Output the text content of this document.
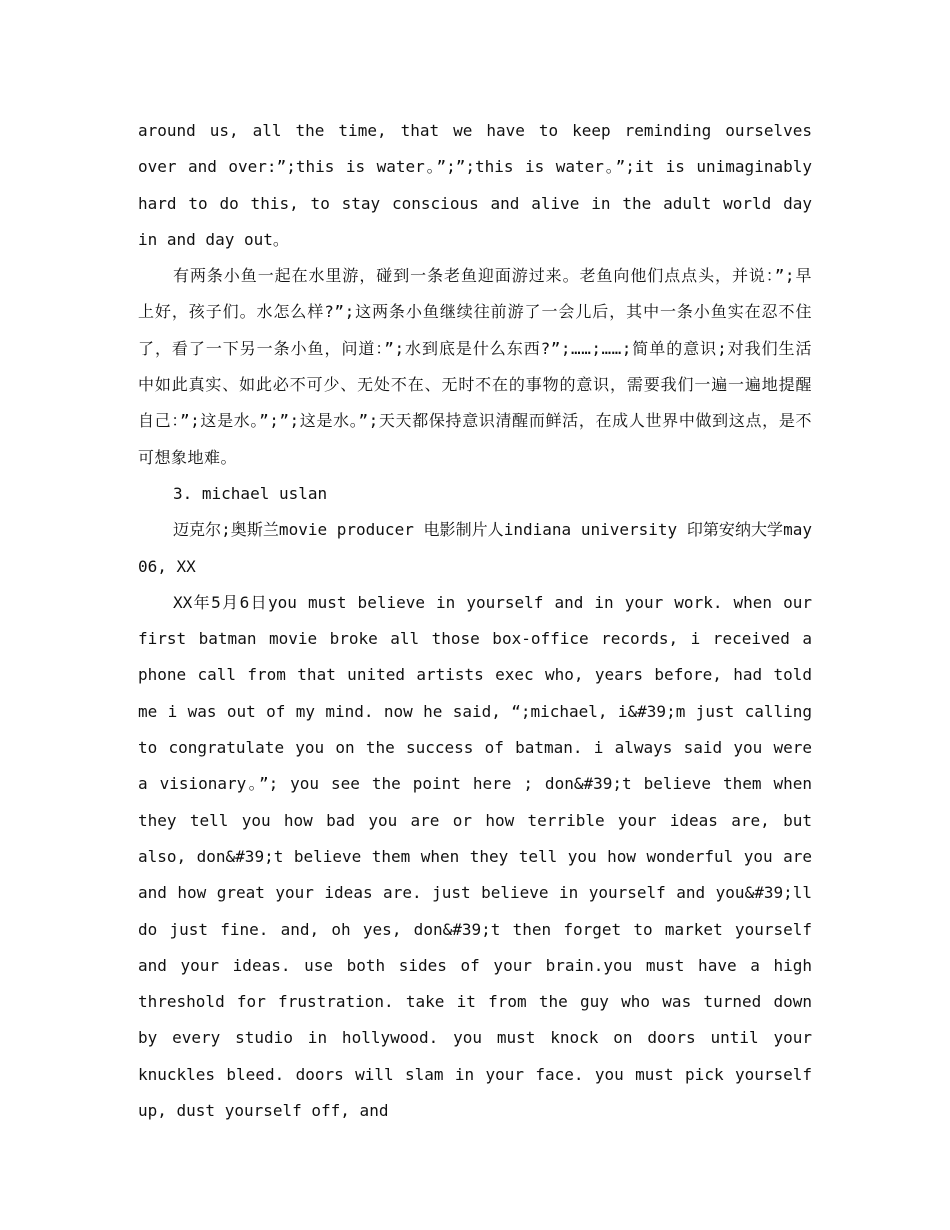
around us, all the time, that we have to keep reminding ourselves over and over:”;this is water。”;”;this is water。”;it is unimaginably hard to do this, to stay conscious and alive in the adult world day in and day out。

有两条小鱼一起在水里游，碰到一条老鱼迎面游过来。老鱼向他们点点头，并说：”;早上好，孩子们。水怎么样?”;这两条小鱼继续往前游了一会儿后，其中一条小鱼实在忍不住了，看了一下另一条小鱼，问道：”;水到底是什么东西?”;……;……;简单的意识;对我们生活中如此真实、如此必不可少、无处不在、无时不在的事物的意识，需要我们一遍一遍地提醒自己：”;这是水。”;”;这是水。”;天天都保持意识清醒而鲜活，在成人世界中做到这点，是不可想象地难。

3. michael uslan

迈克尔;奥斯兰movie producer 电影制片人indiana university 印第安纳大学may 06, XX

XX年5月6日you must believe in yourself and in your work. when our first batman movie broke all those box-office records, i received a phone call from that united artists exec who, years before, had told me i was out of my mind. now he said, “;michael, i&#39;m just calling to congratulate you on the success of batman. i always said you were a visionary。”; you see the point here ; don&#39;t believe them when they tell you how bad you are or how terrible your ideas are, but also, don&#39;t believe them when they tell you how wonderful you are and how great your ideas are. just believe in yourself and you&#39;ll do just fine. and, oh yes, don&#39;t then forget to market yourself and your ideas. use both sides of your brain.you must have a high threshold for frustration. take it from the guy who was turned down by every studio in hollywood. you must knock on doors until your knuckles bleed. doors will slam in your face. you must pick yourself up, dust yourself off, and
